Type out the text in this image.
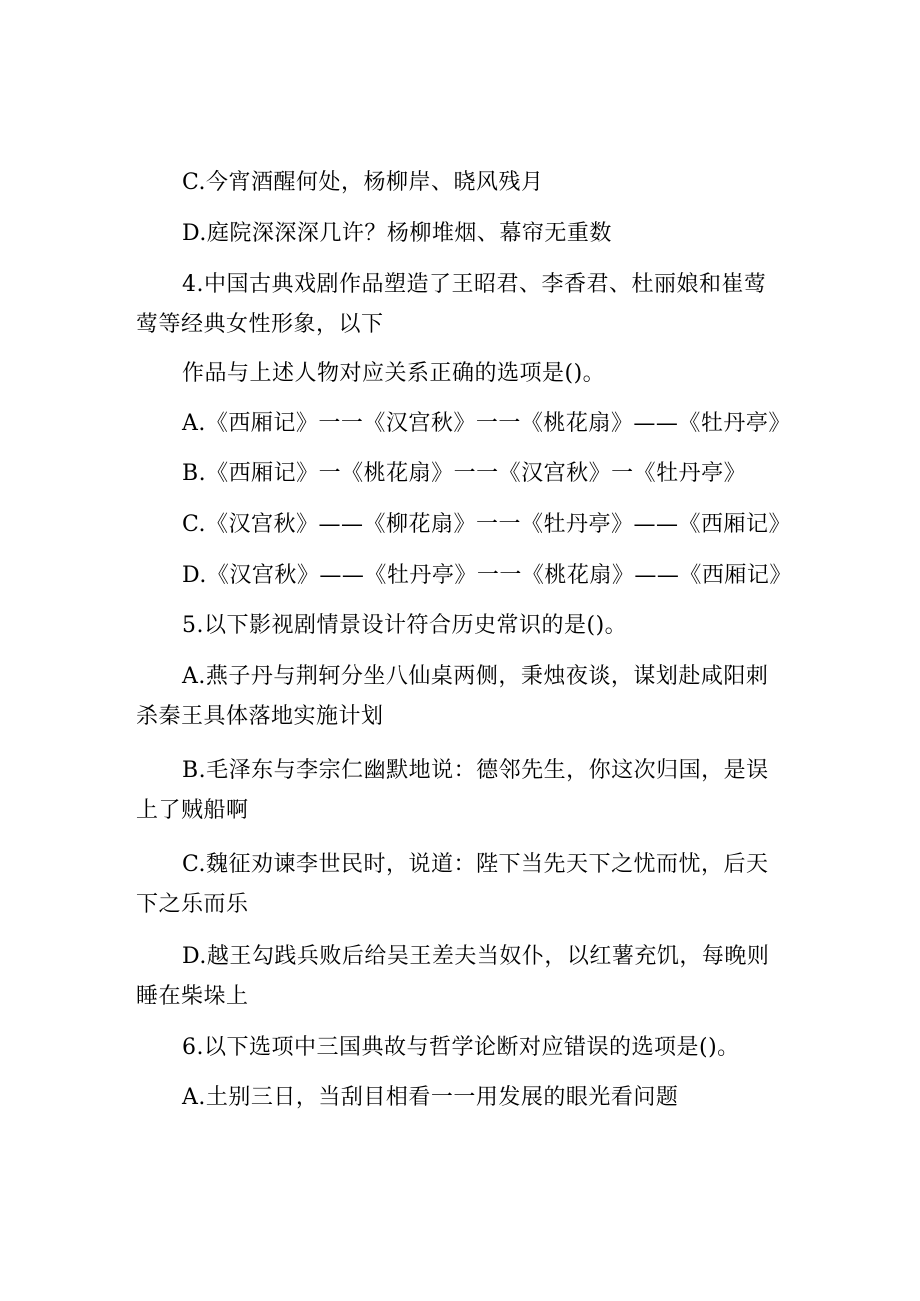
C.今宵酒醒何处，杨柳岸、晓风残月
D.庭院深深深几许？杨柳堆烟、幕帘无重数
4.中国古典戏剧作品塑造了王昭君、李香君、杜丽娘和崔莺
莺等经典女性形象，以下
作品与上述人物对应关系正确的选项是()。
A.《西厢记》一一《汉宫秋》一一《桃花扇》——《牡丹亭》
B.《西厢记》一《桃花扇》一一《汉宫秋》一《牡丹亭》
C.《汉宫秋》——《柳花扇》一一《牡丹亭》——《西厢记》
D.《汉宫秋》——《牡丹亭》一一《桃花扇》——《西厢记》
5.以下影视剧情景设计符合历史常识的是()。
A.燕子丹与荆轲分坐八仙桌两侧，秉烛夜谈，谋划赴咸阳刺
杀秦王具体落地实施计划
B.毛泽东与李宗仁幽默地说：德邻先生，你这次归国，是误
上了贼船啊
C.魏征劝谏李世民时，说道：陛下当先天下之忧而忧，后天
下之乐而乐
D.越王勾践兵败后给吴王差夫当奴仆，以红薯充饥，每晚则
睡在柴垛上
6.以下选项中三国典故与哲学论断对应错误的选项是()。
A.土别三日，当刮目相看一一用发展的眼光看问题
